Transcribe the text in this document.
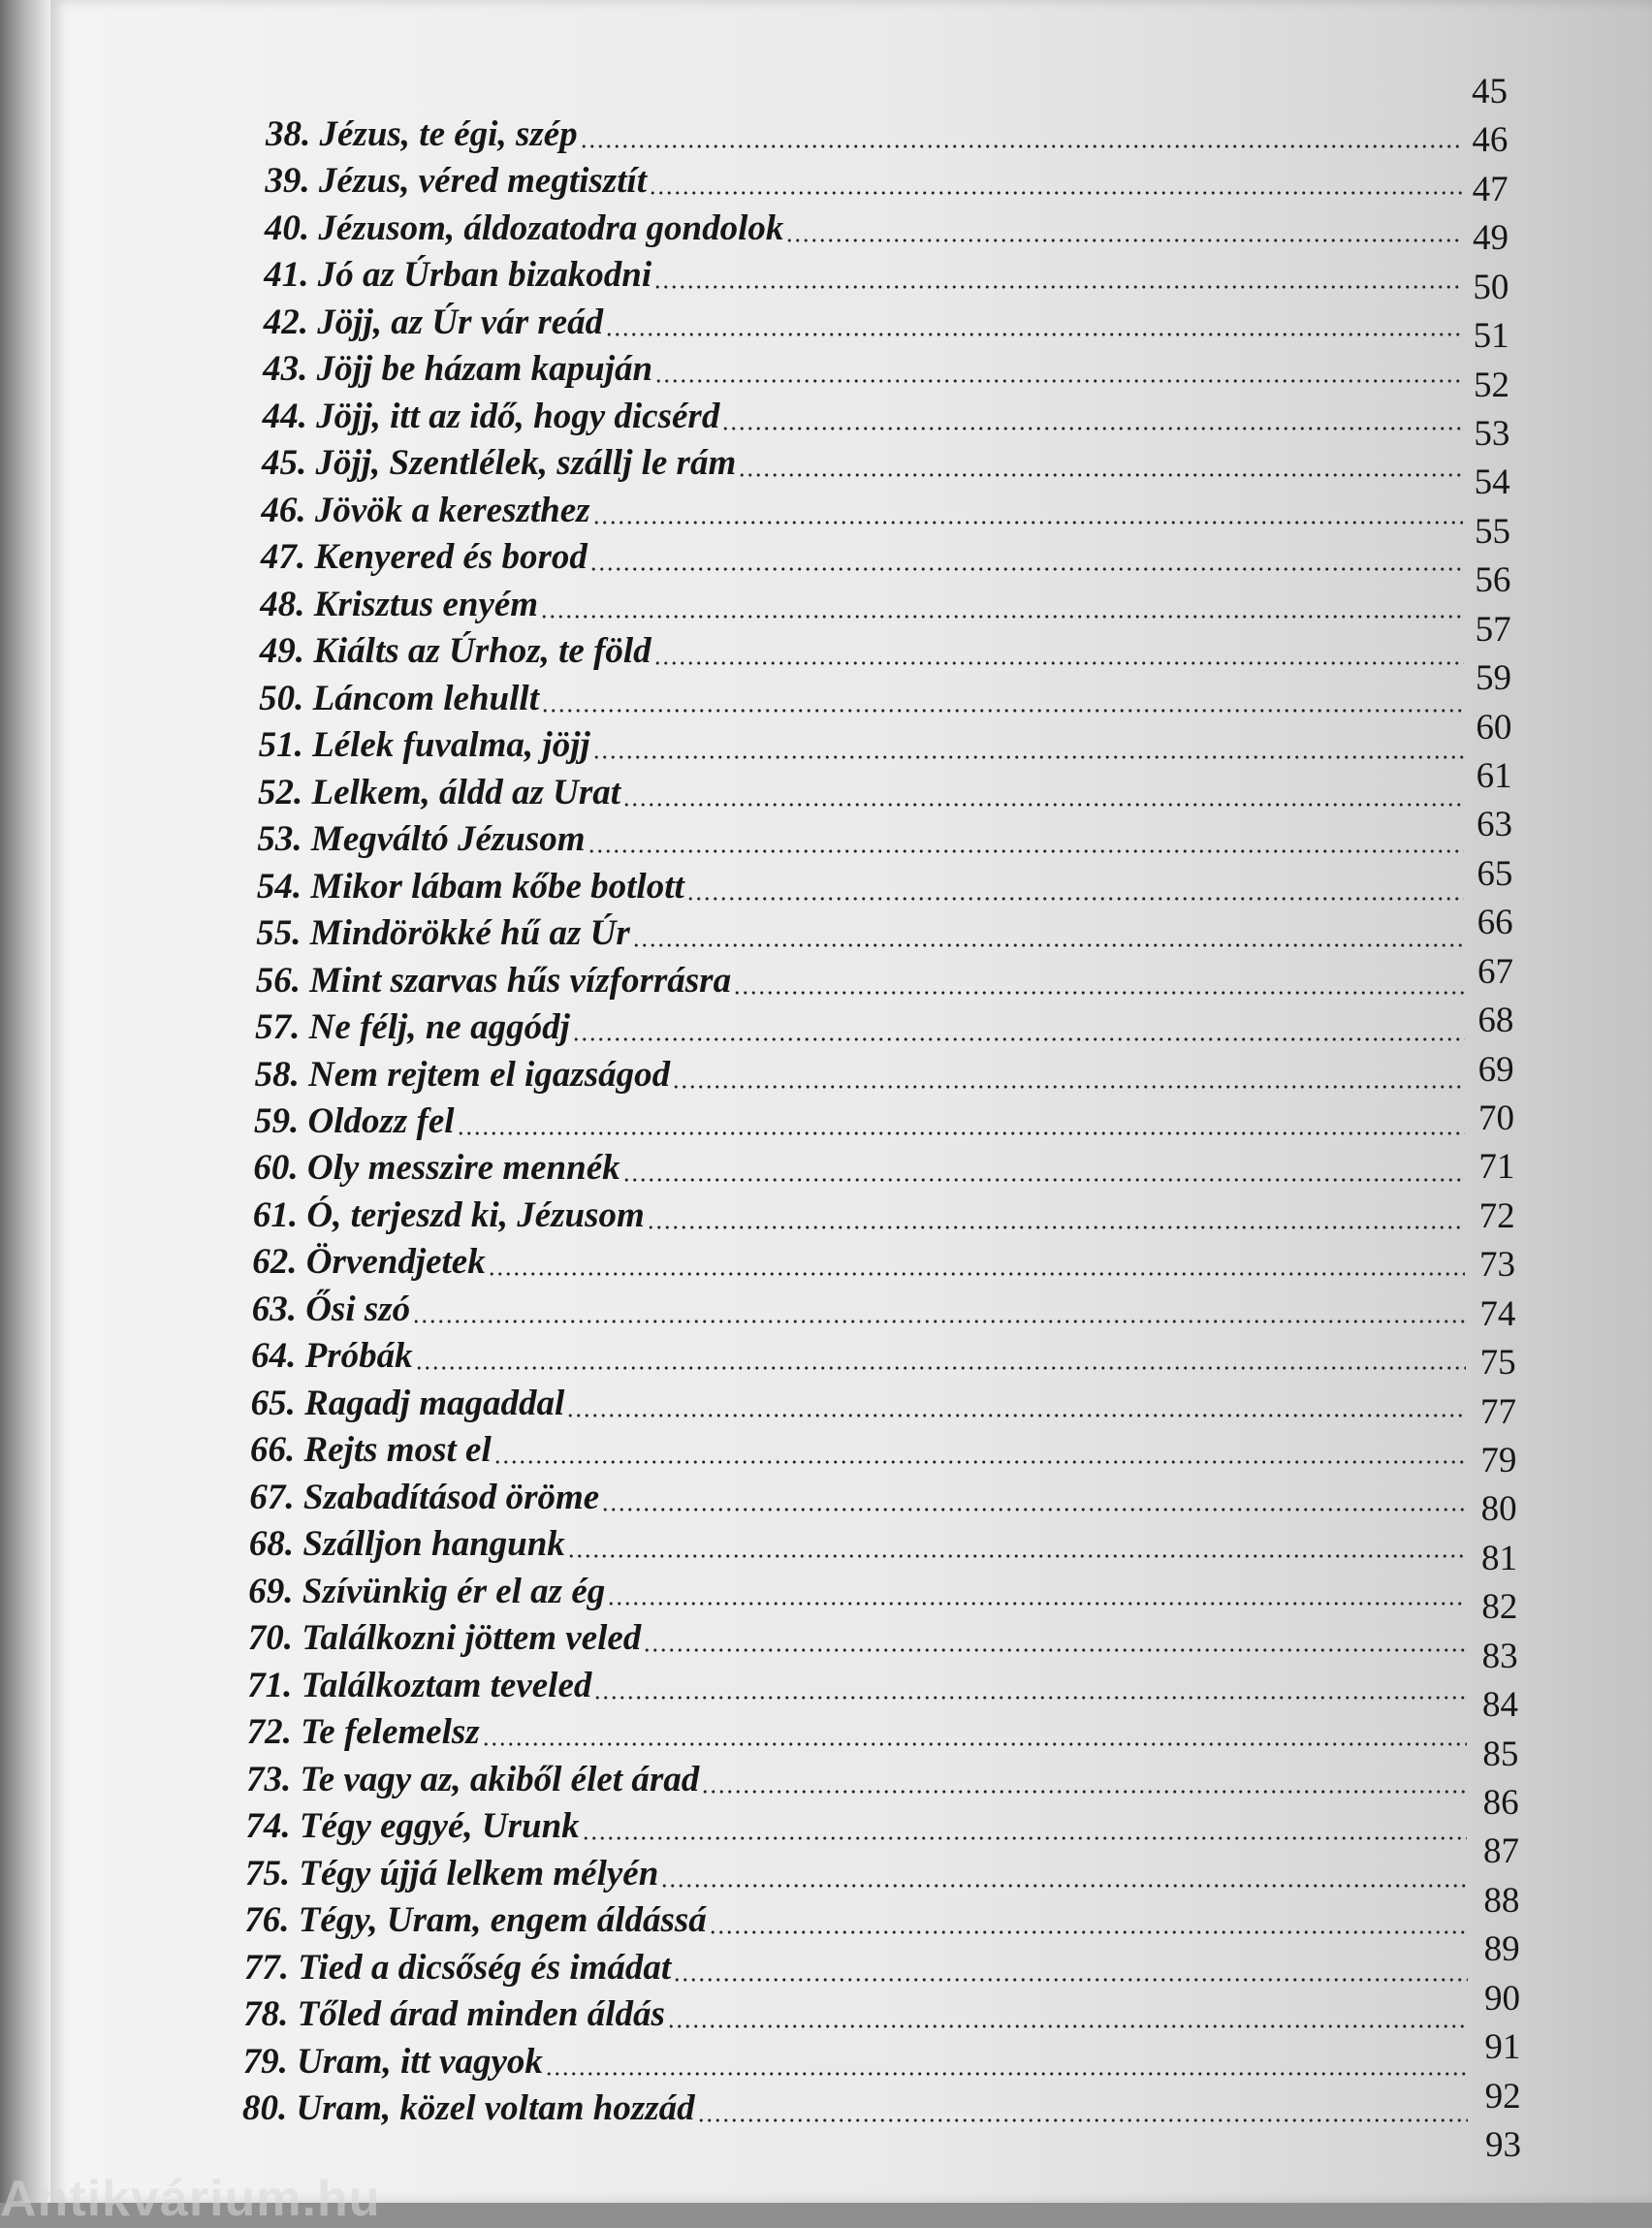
38. Jézus, te égi, szép
39. Jézus, véred megtisztít
40. Jézusom, áldozatodra gondolok
41. Jó az Úrban bizakodni
42. Jöjj, az Úr vár reád
43. Jöjj be házam kapuján
44. Jöjj, itt az idő, hogy dicsérd
45. Jöjj, Szentlélek, szállj le rám
46. Jövök a kereszthez
47. Kenyered és borod
48. Krisztus enyém
49. Kiálts az Úrhoz, te föld
50. Láncom lehullt
51. Lélek fuvalma, jöjj
52. Lelkem, áldd az Urat
53. Megváltó Jézusom
54. Mikor lábam kőbe botlott
55. Mindörökké hű az Úr
56. Mint szarvas hűs vízforrásra
57. Ne félj, ne aggódj
58. Nem rejtem el igazságod
59. Oldozz fel
60. Oly messzire mennék
61. Ó, terjeszd ki, Jézusom
62. Örvendjetek
63. Ősi szó
64. Próbák
65. Ragadj magaddal
66. Rejts most el
67. Szabadításod öröme
68. Szálljon hangunk
69. Szívünkig ér el az ég
70. Találkozni jöttem veled
71. Találkoztam teveled
72. Te felemelsz
73. Te vagy az, akiből élet árad
74. Tégy eggyé, Urunk
75. Tégy újjá lelkem mélyén
76. Tégy, Uram, engem áldássá
77. Tied a dicsőség és imádat
78. Tőled árad minden áldás
79. Uram, itt vagyok
80. Uram, közel voltam hozzád
45
46
47
49
50
51
52
53
54
55
56
57
59
60
61
63
65
66
67
68
69
70
71
72
73
74
75
77
79
80
81
82
83
84
85
86
87
88
89
90
91
92
93
Antikvárium.hu
